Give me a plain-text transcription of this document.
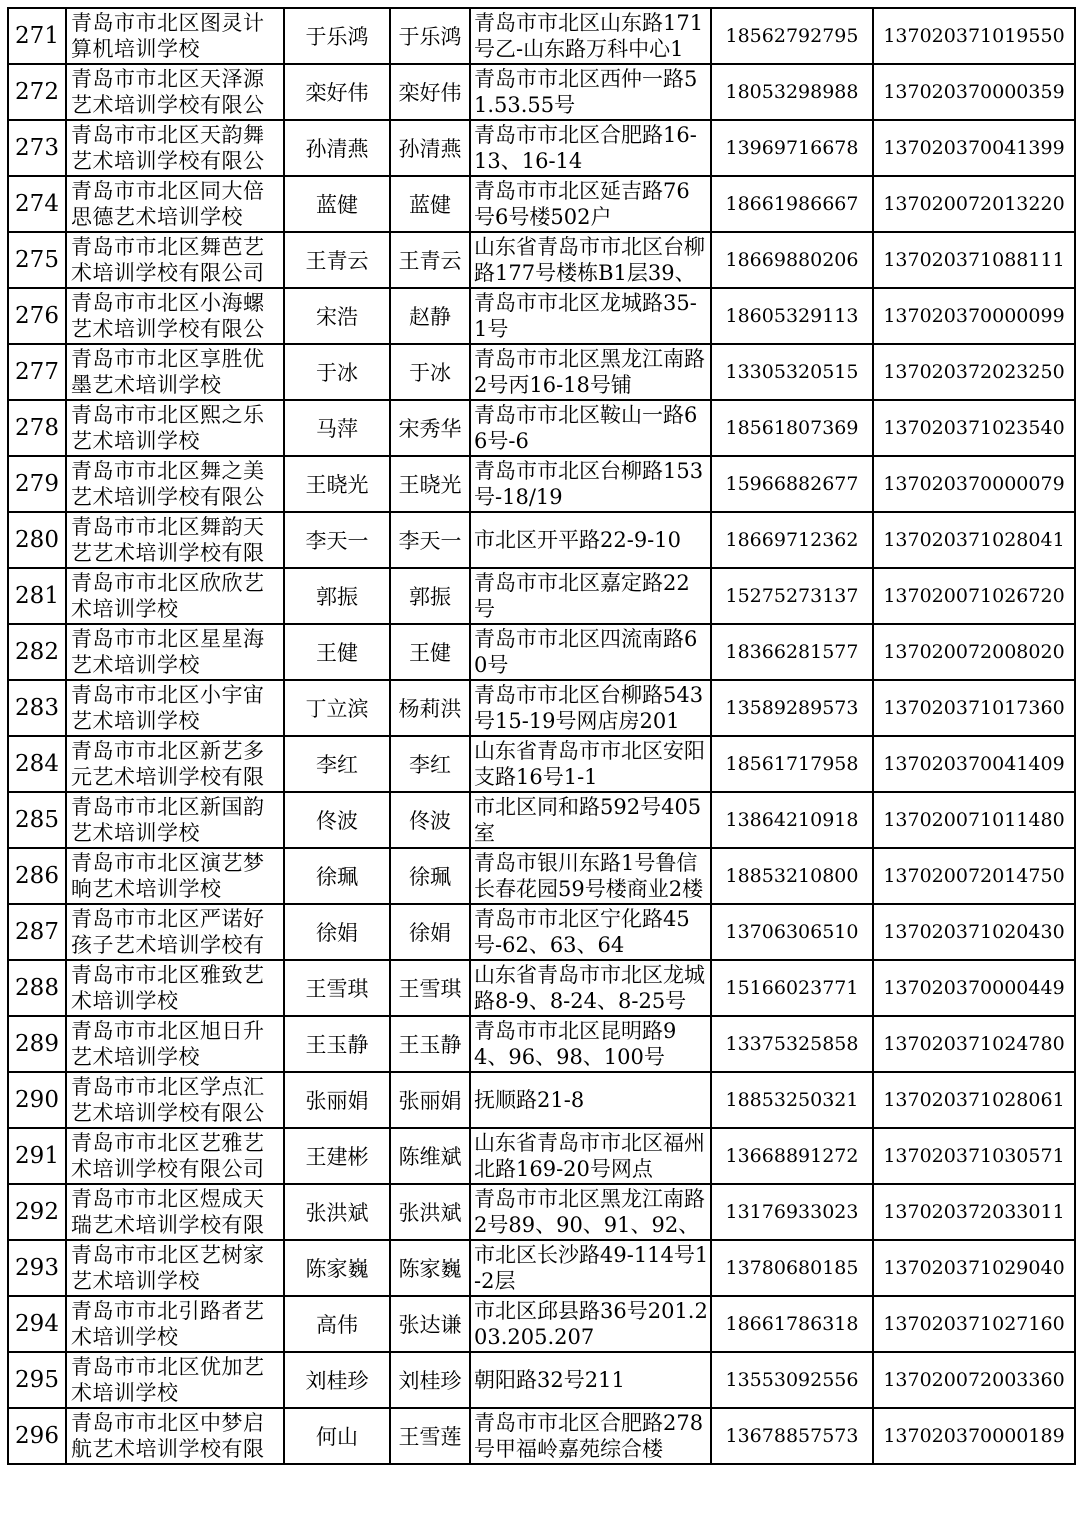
271	青岛市市北区图灵计算机培训学校	于乐鸿	于乐鸿	青岛市市北区山东路171号乙-山东路万科中心1	18562792795	137020371019550

272	青岛市市北区天泽源艺术培训学校有限公	栾好伟	栾好伟	青岛市市北区西仲一路51.53.55号	18053298988	137020370000359

273	青岛市市北区天韵舞艺术培训学校有限公	孙清燕	孙清燕	青岛市市北区合肥路16-13、16-14	13969716678	137020370041399

274	青岛市市北区同大倍思德艺术培训学校	蓝健	蓝健	青岛市市北区延吉路76号6号楼502户	18661986667	137020072013220

275	青岛市市北区舞芭艺术培训学校有限公司	王青云	王青云	山东省青岛市市北区台柳路177号楼栋B1层39、	18669880206	137020371088111

276	青岛市市北区小海螺艺术培训学校有限公	宋浩	赵静	青岛市市北区龙城路35-1号	18605329113	137020370000099

277	青岛市市北区享胜优墨艺术培训学校	于冰	于冰	青岛市市北区黑龙江南路2号丙16-18号铺	13305320515	137020372023250

278	青岛市市北区熙之乐艺术培训学校	马萍	宋秀华	青岛市市北区鞍山一路66号-6	18561807369	137020371023540

279	青岛市市北区舞之美艺术培训学校有限公	王晓光	王晓光	青岛市市北区台柳路153号-18/19	15966882677	137020370000079

280	青岛市市北区舞韵天艺艺术培训学校有限	李天一	李天一	市北区开平路22-9-10	18669712362	137020371028041

281	青岛市市北区欣欣艺术培训学校	郭振	郭振	青岛市市北区嘉定路22号	15275273137	137020071026720

282	青岛市市北区星星海艺术培训学校	王健	王健	青岛市市北区四流南路60号	18366281577	137020072008020

283	青岛市市北区小宇宙艺术培训学校	丁立滨	杨莉洪	青岛市市北区台柳路543号15-19号网店房201	13589289573	137020371017360

284	青岛市市北区新艺多元艺术培训学校有限	李红	李红	山东省青岛市市北区安阳支路16号1-1	18561717958	137020370041409

285	青岛市市北区新国韵艺术培训学校	佟波	佟波	市北区同和路592号405室	13864210918	137020071011480

286	青岛市市北区演艺梦晌艺术培训学校	徐珮	徐珮	青岛市银川东路1号鲁信长春花园59号楼商业2楼	18853210800	137020072014750

287	青岛市市北区严诺好孩子艺术培训学校有	徐娟	徐娟	青岛市市北区宁化路45号-62、63、64	13706306510	137020371020430

288	青岛市市北区雅致艺术培训学校	王雪琪	王雪琪	山东省青岛市市北区龙城路8-9、8-24、8-25号	15166023771	137020370000449

289	青岛市市北区旭日升艺术培训学校	王玉静	王玉静	青岛市市北区昆明路94、96、98、100号	13375325858	137020371024780

290	青岛市市北区学点汇艺术培训学校有限公	张丽娟	张丽娟	抚顺路21-8	18853250321	137020371028061

291	青岛市市北区艺雅艺术培训学校有限公司	王建彬	陈维斌	山东省青岛市市北区福州北路169-20号网点	13668891272	137020371030571

292	青岛市市北区煜成天瑞艺术培训学校有限	张洪斌	张洪斌	青岛市市北区黑龙江南路2号89、90、91、92、	13176933023	137020372033011

293	青岛市市北区艺树家艺术培训学校	陈家巍	陈家巍	市北区长沙路49-114号1-2层	13780680185	137020371029040

294	青岛市市北引路者艺术培训学校	高伟	张达谦	市北区邱县路36号201.203.205.207	18661786318	137020371027160

295	青岛市市北区优加艺术培训学校	刘桂珍	刘桂珍	朝阳路32号211	13553092556	137020072003360

296	青岛市市北区中梦启航艺术培训学校有限	何山	王雪莲	青岛市市北区合肥路278号甲福岭嘉苑综合楼	13678857573	137020370000189
